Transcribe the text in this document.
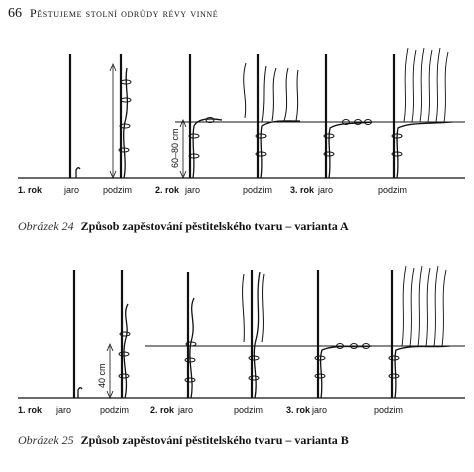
66 Pěstujeme stolní odrůdy révy vinné
60–80 cm
1. rok jaro	podzim	2. rok jaro	podzim 3. rok jaro	podzim
Obrázek 24 Způsob zapěstování pěstitelského tvaru – varianta A
40 cm
1. rok jaro	podzim 2. rok jaro	podzim	3. rok jaro	podzim
Obrázek 25 Způsob zapěstování pěstitelského tvaru – varianta B
